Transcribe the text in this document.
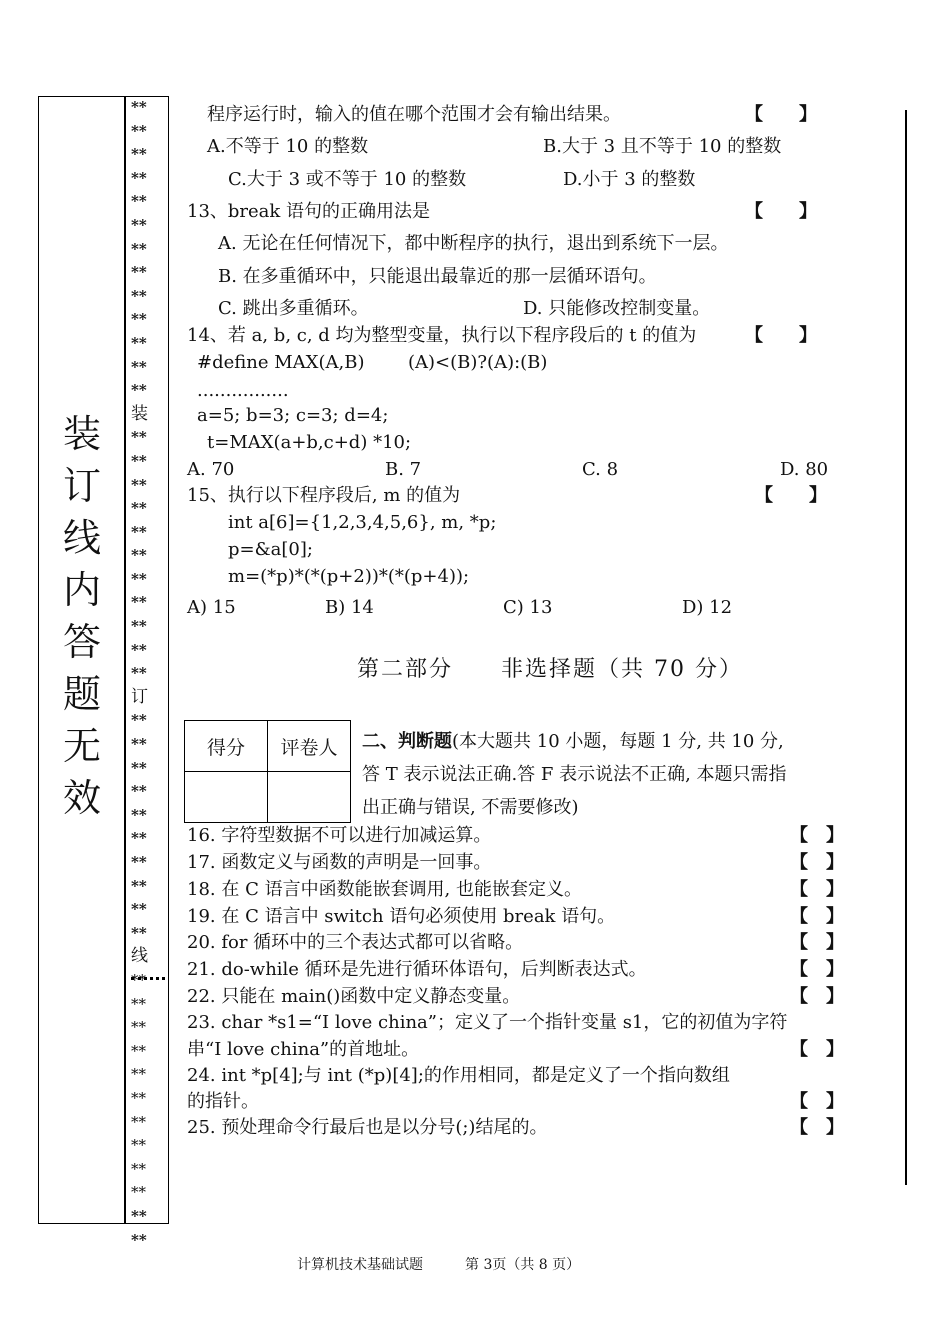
装
订
线
内
答
题
无
效
**
**
**
**
**
**
**
**
**
**
**
**
**
装
**
**
**
**
**
**
**
**
**
**
**
订
**
**
**
**
**
**
**
**
**
**
线
**
**
**
**
**
**
**
**
**
**
**
**
程序运行时，输入的值在哪个范围才会有输出结果。	【　　】
A.不等于 10 的整数	B.大于 3 且不等于 10 的整数
C.大于 3 或不等于 10 的整数	D.小于 3 的整数
13、break 语句的正确用法是	【　　】
A. 无论在任何情况下，都中断程序的执行，退出到系统下一层。
B. 在多重循环中，只能退出最靠近的那一层循环语句。
C. 跳出多重循环。	D. 只能修改控制变量。
14、若 a, b, c, d 均为整型变量，执行以下程序段后的 t 的值为	【　　】
#define MAX(A,B) (A)<(B)?(A):(B)
................
a=5; b=3; c=3; d=4;
t=MAX(a+b,c+d) *10;
A. 70	B. 7	C. 8	D. 80
15、执行以下程序段后, m 的值为	【　　】
int a[6]={1,2,3,4,5,6}, m, *p;
p=&a[0];
m=(*p)*(*(p+2))*(*(p+4));
A) 15	B) 14	C) 13	D) 12
第二部分　　非选择题（共 70 分）
得分	评卷人
	二、判断题(本大题共 10 小题，每题 1 分, 共 10 分,
答 T 表示说法正确.答 F 表示说法不正确, 本题只需指
出正确与错误, 不需要修改)
16. 字符型数据不可以进行加减运算。	【　】
17. 函数定义与函数的声明是一回事。	【　】
18. 在 C 语言中函数能嵌套调用, 也能嵌套定义。	【　】
19. 在 C 语言中 switch 语句必须使用 break 语句。	【　】
20. for 循环中的三个表达式都可以省略。	【　】
21. do-while 循环是先进行循环体语句，后判断表达式。	【　】
22. 只能在 main()函数中定义静态变量。	【　】
23. char *s1=“I love china”；定义了一个指针变量 s1，它的初值为字符
串“I love china”的首地址。	【　】
24. int *p[4];与 int (*p)[4];的作用相同，都是定义了一个指向数组
的指针。	【　】
25. 预处理命令行最后也是以分号(;)结尾的。	【　】
计算机技术基础试题	第 3页（共 8 页）
